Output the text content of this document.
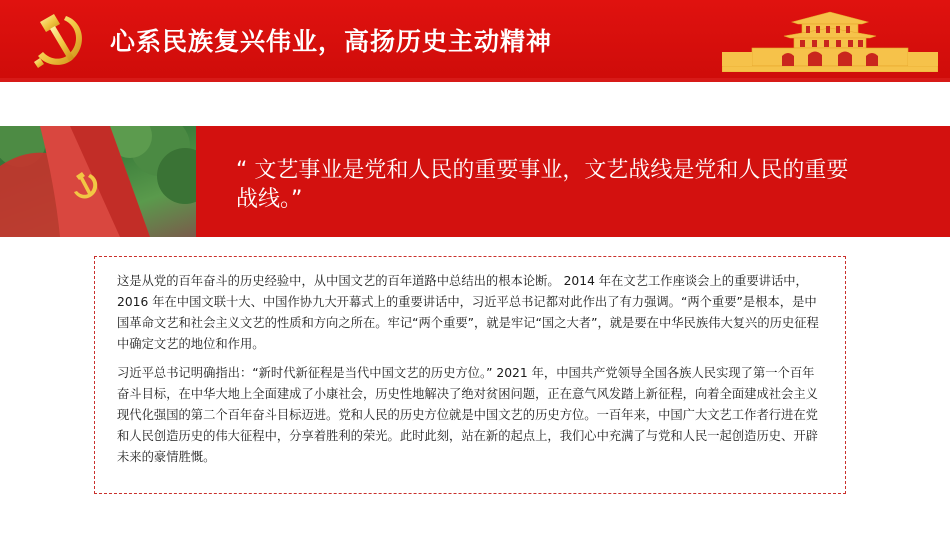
心系民族复兴伟业，高扬历史主动精神

“ 文艺事业是党和人民的重要事业，文艺战线是党和人民的重要战线。”

这是从党的百年奋斗的历史经验中，从中国文艺的百年道路中总结出的根本论断。 2014 年在文艺工作座谈会上的重要讲话中， 2016 年在中国文联十大、中国作协九大开幕式上的重要讲话中，习近平总书记都对此作出了有力强调。“两个重要”是根本，是中国革命文艺和社会主义文艺的性质和方向之所在。牢记“两个重要”，就是牢记“国之大者”，就是要在中华民族伟大复兴的历史征程中确定文艺的地位和作用。

习近平总书记明确指出：“新时代新征程是当代中国文艺的历史方位。” 2021 年，中国共产党领导全国各族人民实现了第一个百年奋斗目标，在中华大地上全面建成了小康社会，历史性地解决了绝对贫困问题，正在意气风发踏上新征程，向着全面建成社会主义现代化强国的第二个百年奋斗目标迈进。党和人民的历史方位就是中国文艺的历史方位。一百年来，中国广大文艺工作者行进在党和人民创造历史的伟大征程中，分享着胜利的荣光。此时此刻，站在新的起点上，我们心中充满了与党和人民一起创造历史、开辟未来的豪情胜慨。
